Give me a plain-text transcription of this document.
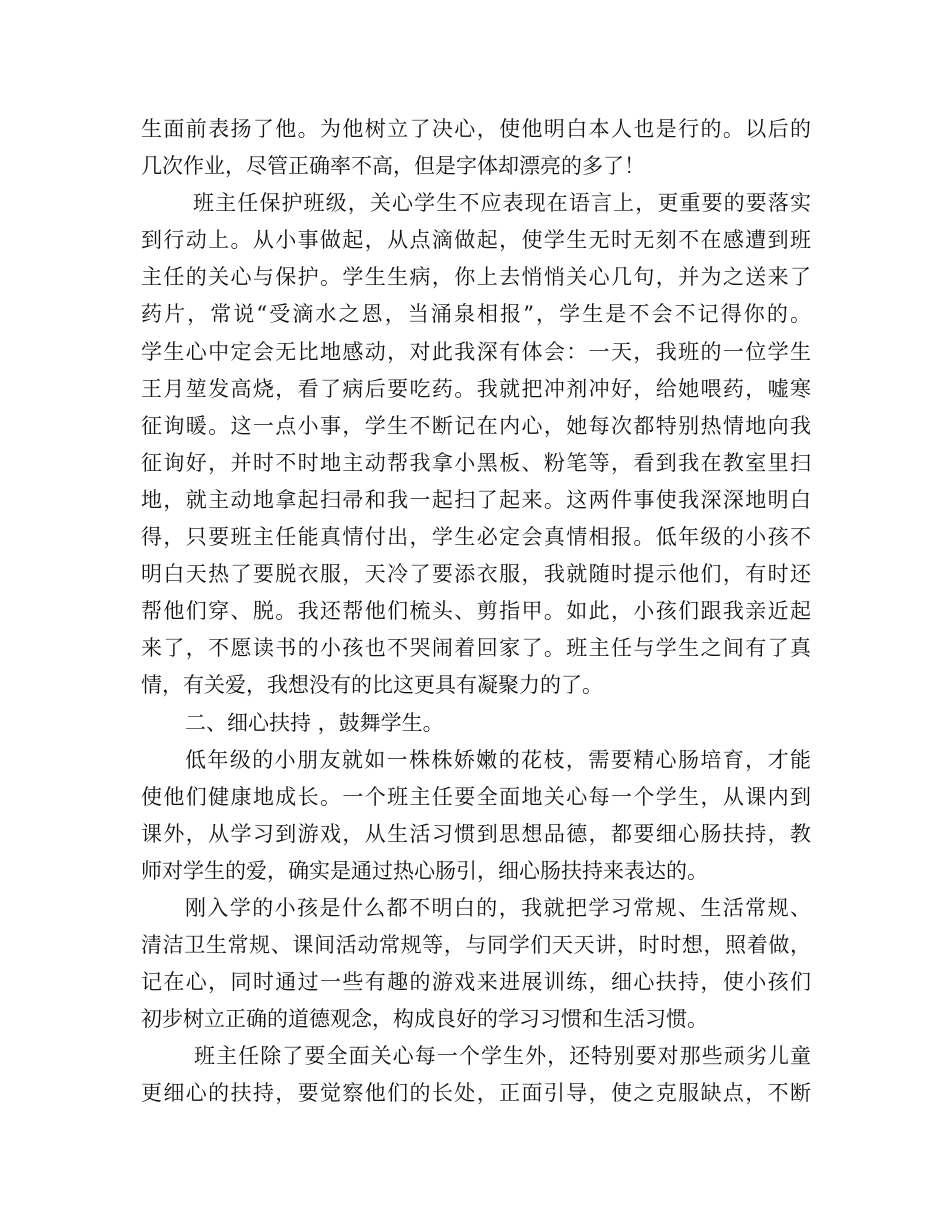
生面前表扬了他。为他树立了决心，使他明白本人也是行的。以后的
几次作业，尽管正确率不高，但是字体却漂亮的多了！
班主任保护班级，关心学生不应表现在语言上，更重要的要落实
到行动上。从小事做起，从点滴做起，使学生无时无刻不在感遭到班
主任的关心与保护。学生生病，你上去悄悄关心几句，并为之送来了
药片，常说“受滴水之恩，当涌泉相报”，学生是不会不记得你的。
学生心中定会无比地感动，对此我深有体会：一天，我班的一位学生
王月堃发高烧，看了病后要吃药。我就把冲剂冲好，给她喂药，嘘寒
征询暖。这一点小事，学生不断记在内心，她每次都特别热情地向我
征询好，并时不时地主动帮我拿小黑板、粉笔等，看到我在教室里扫
地，就主动地拿起扫帚和我一起扫了起来。这两件事使我深深地明白
得，只要班主任能真情付出，学生必定会真情相报。低年级的小孩不
明白天热了要脱衣服，天冷了要添衣服，我就随时提示他们，有时还
帮他们穿、脱。我还帮他们梳头、剪指甲。如此，小孩们跟我亲近起
来了，不愿读书的小孩也不哭闹着回家了。班主任与学生之间有了真
情，有关爱，我想没有的比这更具有凝聚力的了。
二、细心扶持 ，鼓舞学生。
低年级的小朋友就如一株株娇嫩的花枝，需要精心肠培育，才能
使他们健康地成长。一个班主任要全面地关心每一个学生，从课内到
课外，从学习到游戏，从生活习惯到思想品德，都要细心肠扶持，教
师对学生的爱，确实是通过热心肠引，细心肠扶持来表达的。
刚入学的小孩是什么都不明白的，我就把学习常规、生活常规、
清洁卫生常规、课间活动常规等，与同学们天天讲，时时想，照着做，
记在心，同时通过一些有趣的游戏来进展训练，细心扶持，使小孩们
初步树立正确的道德观念，构成良好的学习习惯和生活习惯。
班主任除了要全面关心每一个学生外，还特别要对那些顽劣儿童
更细心的扶持，要觉察他们的长处，正面引导，使之克服缺点，不断
